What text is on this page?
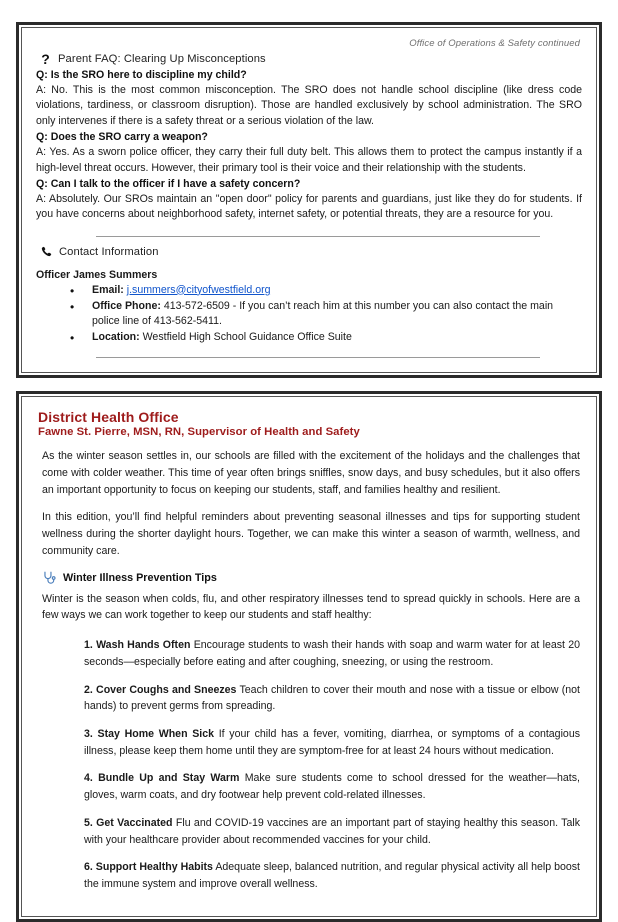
Office of Operations & Safety continued
? Parent FAQ: Clearing Up Misconceptions
Q: Is the SRO here to discipline my child?
A: No. This is the most common misconception. The SRO does not handle school discipline (like dress code violations, tardiness, or classroom disruption). Those are handled exclusively by school administration. The SRO only intervenes if there is a safety threat or a serious violation of the law.
Q: Does the SRO carry a weapon?
A: Yes. As a sworn police officer, they carry their full duty belt. This allows them to protect the campus instantly if a high-level threat occurs. However, their primary tool is their voice and their relationship with the students.
Q: Can I talk to the officer if I have a safety concern?
A: Absolutely. Our SROs maintain an "open door" policy for parents and guardians, just like they do for students. If you have concerns about neighborhood safety, internet safety, or potential threats, they are a resource for you.
Contact Information
Officer James Summers
• Email: j.summers@cityofwestfield.org
• Office Phone: 413-572-6509 - If you can’t reach him at this number you can also contact the main police line of 413-562-5411.
• Location: Westfield High School Guidance Office Suite
District Health Office
Fawne St. Pierre, MSN, RN, Supervisor of Health and Safety

As the winter season settles in, our schools are filled with the excitement of the holidays and the challenges that come with colder weather. This time of year often brings sniffles, snow days, and busy schedules, but it also offers an important opportunity to focus on keeping our students, staff, and families healthy and resilient.

In this edition, you’ll find helpful reminders about preventing seasonal illnesses and tips for supporting student wellness during the shorter daylight hours. Together, we can make this winter a season of warmth, wellness, and community care.

Winter Illness Prevention Tips

Winter is the season when colds, flu, and other respiratory illnesses tend to spread quickly in schools. Here are a few ways we can work together to keep our students and staff healthy:

1. Wash Hands Often Encourage students to wash their hands with soap and warm water for at least 20 seconds—especially before eating and after coughing, sneezing, or using the restroom.

2. Cover Coughs and Sneezes Teach children to cover their mouth and nose with a tissue or elbow (not hands) to prevent germs from spreading.

3. Stay Home When Sick If your child has a fever, vomiting, diarrhea, or symptoms of a contagious illness, please keep them home until they are symptom-free for at least 24 hours without medication.

4. Bundle Up and Stay Warm Make sure students come to school dressed for the weather—hats, gloves, warm coats, and dry footwear help prevent cold-related illnesses.

5. Get Vaccinated Flu and COVID-19 vaccines are an important part of staying healthy this season. Talk with your healthcare provider about recommended vaccines for your child.

6. Support Healthy Habits Adequate sleep, balanced nutrition, and regular physical activity all help boost the immune system and improve overall wellness.
